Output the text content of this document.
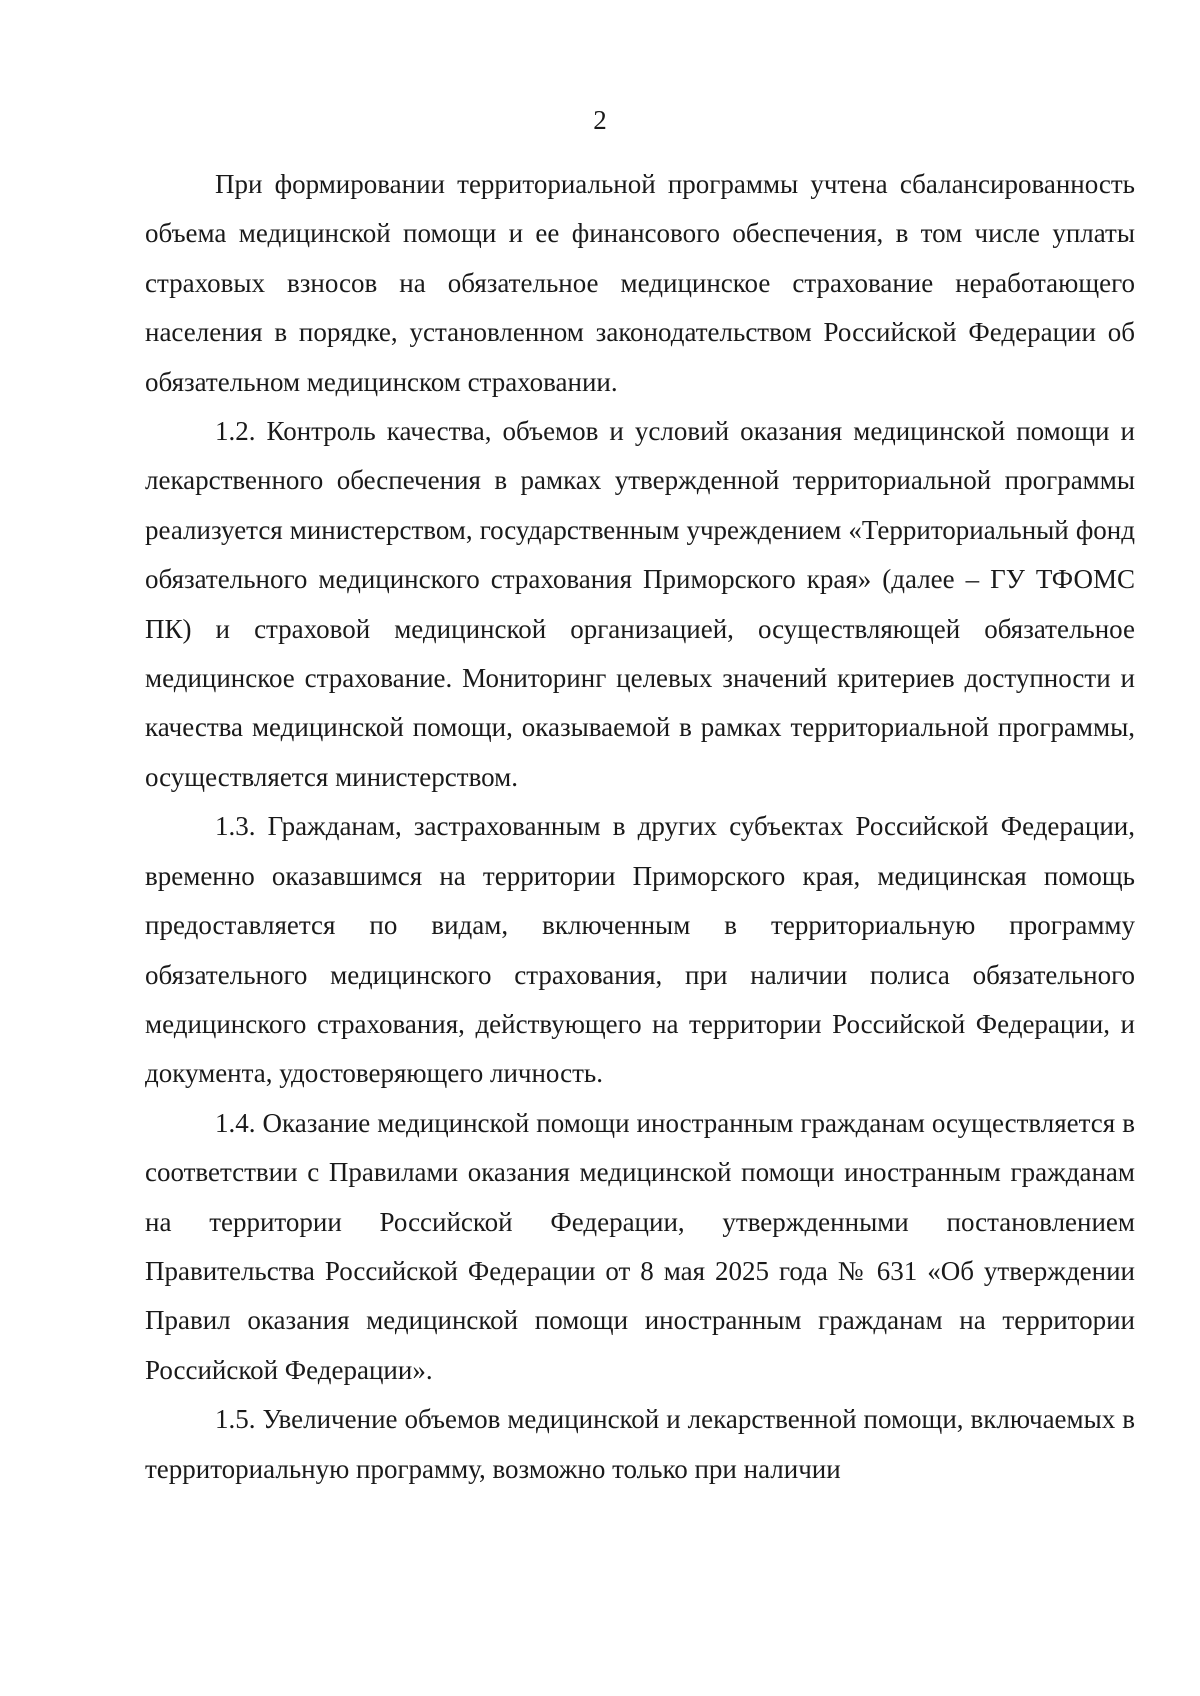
2

При формировании территориальной программы учтена сбалансированность объема медицинской помощи и ее финансового обеспечения, в том числе уплаты страховых взносов на обязательное медицинское страхование неработающего населения в порядке, установленном законодательством Российской Федерации об обязательном медицинском страховании.

1.2. Контроль качества, объемов и условий оказания медицинской помощи и лекарственного обеспечения в рамках утвержденной территориальной программы реализуется министерством, государственным учреждением «Территориальный фонд обязательного медицинского страхования Приморского края» (далее – ГУ ТФОМС ПК) и страховой медицинской организацией, осуществляющей обязательное медицинское страхование. Мониторинг целевых значений критериев доступности и качества медицинской помощи, оказываемой в рамках территориальной программы, осуществляется министерством.

1.3. Гражданам, застрахованным в других субъектах Российской Федерации, временно оказавшимся на территории Приморского края, медицинская помощь предоставляется по видам, включенным в территориальную программу обязательного медицинского страхования, при наличии полиса обязательного медицинского страхования, действующего на территории Российской Федерации, и документа, удостоверяющего личность.

1.4. Оказание медицинской помощи иностранным гражданам осуществляется в соответствии с Правилами оказания медицинской помощи иностранным гражданам на территории Российской Федерации, утвержденными постановлением Правительства Российской Федерации от 8 мая 2025 года № 631 «Об утверждении Правил оказания медицинской помощи иностранным гражданам на территории Российской Федерации».

1.5. Увеличение объемов медицинской и лекарственной помощи, включаемых в территориальную программу, возможно только при наличии
